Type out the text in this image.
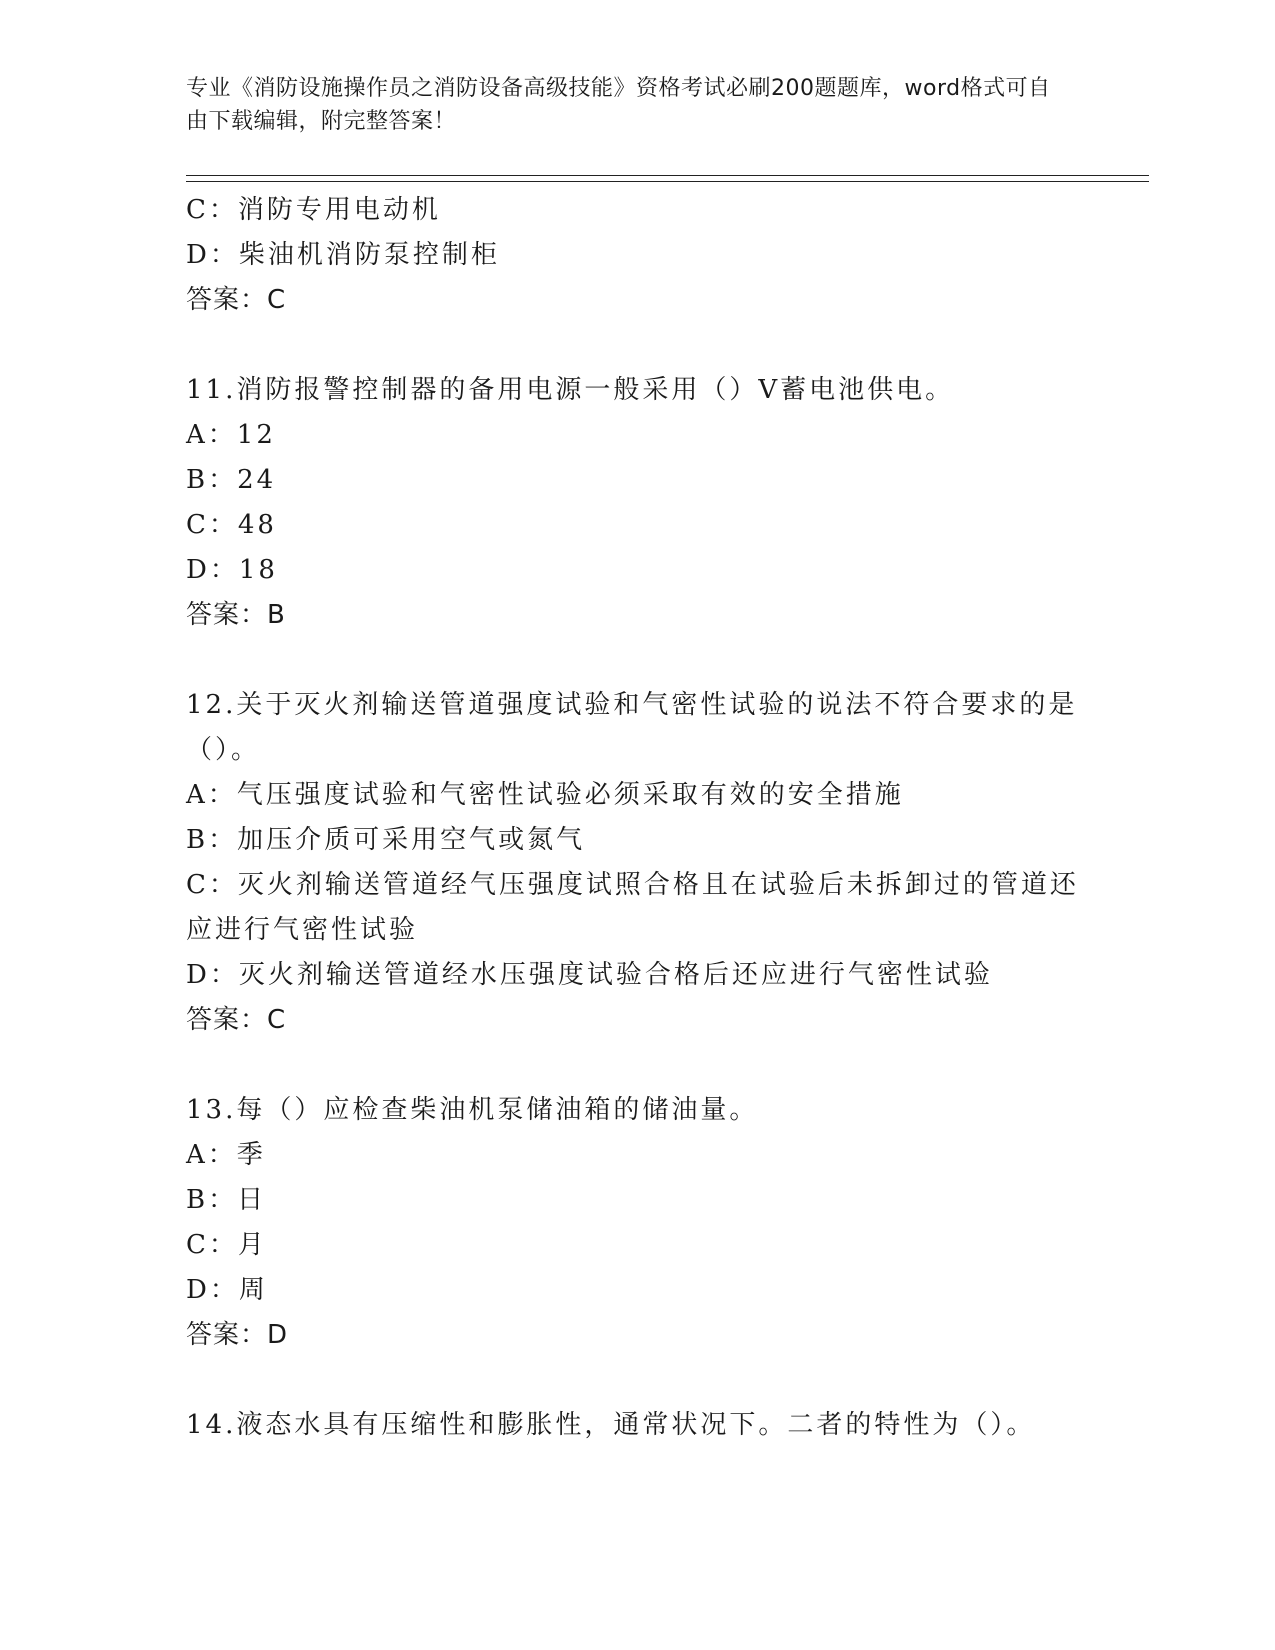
专业《消防设施操作员之消防设备高级技能》资格考试必刷200题题库，word格式可自由下载编辑，附完整答案！
C：消防专用电动机
D：柴油机消防泵控制柜
答案：C
11.消防报警控制器的备用电源一般采用（）V蓄电池供电。
A：12
B：24
C：48
D：18
答案：B
12.关于灭火剂输送管道强度试验和气密性试验的说法不符合要求的是
（）。
A：气压强度试验和气密性试验必须采取有效的安全措施
B：加压介质可采用空气或氮气
C：灭火剂输送管道经气压强度试照合格且在试验后未拆卸过的管道还
应进行气密性试验
D：灭火剂输送管道经水压强度试验合格后还应进行气密性试验
答案：C
13.每（）应检查柴油机泵储油箱的储油量。
A：季
B：日
C：月
D：周
答案：D
14.液态水具有压缩性和膨胀性，通常状况下。二者的特性为（）。
